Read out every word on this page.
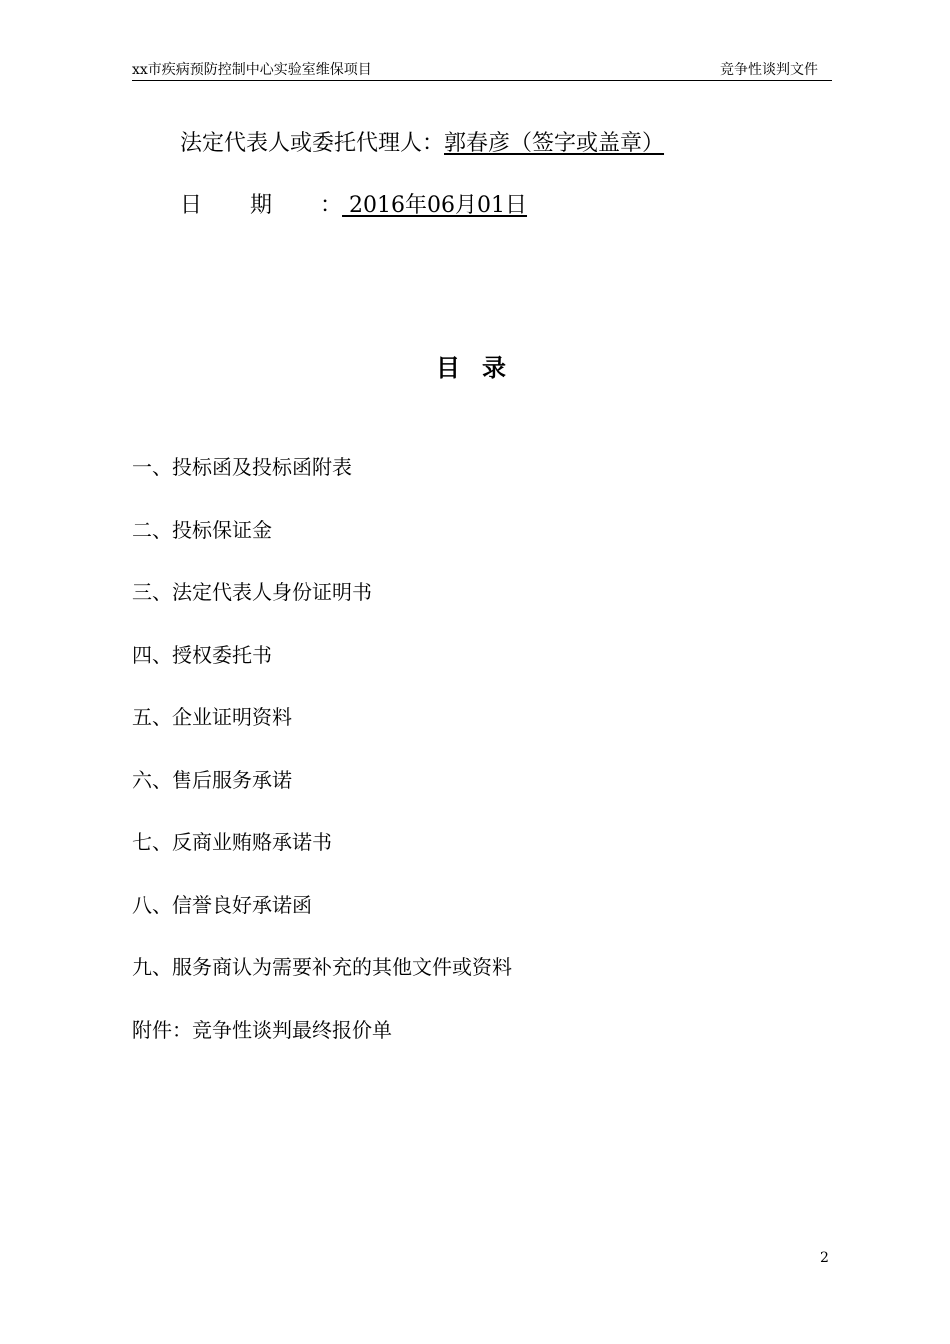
xx市疾病预防控制中心实验室维保项目	竞争性谈判文件
法定代表人或委托代理人：郭春彦（签字或盖章）
日期： 2016年06月01日
目录
一、投标函及投标函附表
二、投标保证金
三、法定代表人身份证明书
四、授权委托书
五、企业证明资料
六、售后服务承诺
七、反商业贿赂承诺书
八、信誉良好承诺函
九、服务商认为需要补充的其他文件或资料
附件：竞争性谈判最终报价单
2
